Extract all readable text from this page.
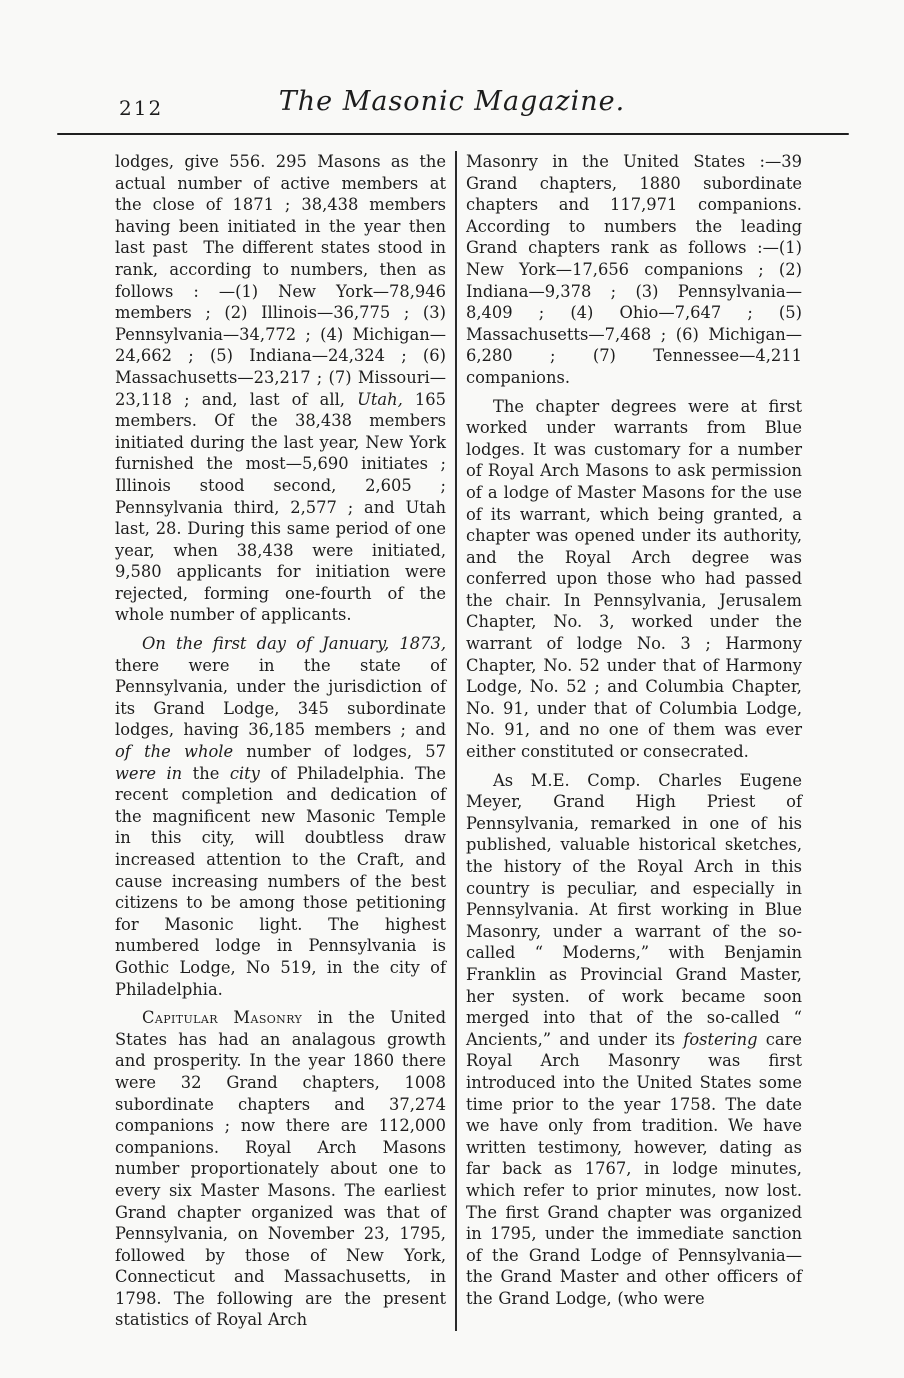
212	The Masonic Magazine.

lodges, give 556. 295 Masons as the actual number of active members at the close of 1871 ; 38,438 members having been initiated in the year then last past  The different states stood in rank, according to numbers, then as follows : —(1) New York—78,946 members ; (2) Illinois—36,775 ; (3) Pennsylvania—34,772 ; (4) Michigan—24,662 ; (5) Indiana—24,324 ; (6) Massachusetts—23,217 ; (7) Missouri—23,118 ; and, last of all, Utah, 165 members. Of the 38,438 members initiated during the last year, New York furnished the most—5,690 initiates ; Illinois stood second, 2,605 ; Pennsylvania third, 2,577 ; and Utah last, 28. During this same period of one year, when 38,438 were initiated, 9,580 applicants for initiation were rejected, forming one-fourth of the whole number of applicants.

On the first day of January, 1873, there were in the state of Pennsylvania, under the jurisdiction of its Grand Lodge, 345 subordinate lodges, having 36,185 members ; and of the whole number of lodges, 57 were in the city of Philadelphia. The recent completion and dedication of the magnificent new Masonic Temple in this city, will doubtless draw increased attention to the Craft, and cause increasing numbers of the best citizens to be among those petitioning for Masonic light. The highest numbered lodge in Pennsylvania is Gothic Lodge, No 519, in the city of Philadelphia.

Capitular Masonry in the United States has had an analagous growth and prosperity. In the year 1860 there were 32 Grand chapters, 1008 subordinate chapters and 37,274 companions ; now there are 112,000 companions. Royal Arch Masons number proportionately about one to every six Master Masons. The earliest Grand chapter organized was that of Pennsylvania, on November 23, 1795, followed by those of New York, Connecticut and Massachusetts, in 1798. The following are the present statistics of Royal Arch

Masonry in the United States :—39 Grand chapters, 1880 subordinate chapters and 117,971 companions. According to numbers the leading Grand chapters rank as follows :—(1) New York—17,656 companions ; (2) Indiana—9,378 ; (3) Pennsylvania—8,409 ; (4) Ohio—7,647 ; (5) Massachusetts—7,468 ; (6) Michigan—6,280 ; (7) Tennessee—4,211 companions.

The chapter degrees were at first worked under warrants from Blue lodges. It was customary for a number of Royal Arch Masons to ask permission of a lodge of Master Masons for the use of its warrant, which being granted, a chapter was opened under its authority, and the Royal Arch degree was conferred upon those who had passed the chair. In Pennsylvania, Jerusalem Chapter, No. 3, worked under the warrant of lodge No. 3 ; Harmony Chapter, No. 52 under that of Harmony Lodge, No. 52 ; and Columbia Chapter, No. 91, under that of Columbia Lodge, No. 91, and no one of them was ever either constituted or consecrated.

As M.E. Comp. Charles Eugene Meyer, Grand High Priest of Pennsylvania, remarked in one of his published, valuable historical sketches, the history of the Royal Arch in this country is peculiar, and especially in Pennsylvania. At first working in Blue Masonry, under a warrant of the so-called “ Moderns,” with Benjamin Franklin as Provincial Grand Master, her systen. of work became soon merged into that of the so-called “ Ancients,” and under its fostering care Royal Arch Masonry was first introduced into the United States some time prior to the year 1758. The date we have only from tradition. We have written testimony, however, dating as far back as 1767, in lodge minutes, which refer to prior minutes, now lost. The first Grand chapter was organized in 1795, under the immediate sanction of the Grand Lodge of Pennsylvania—the Grand Master and other officers of the Grand Lodge, (who were
